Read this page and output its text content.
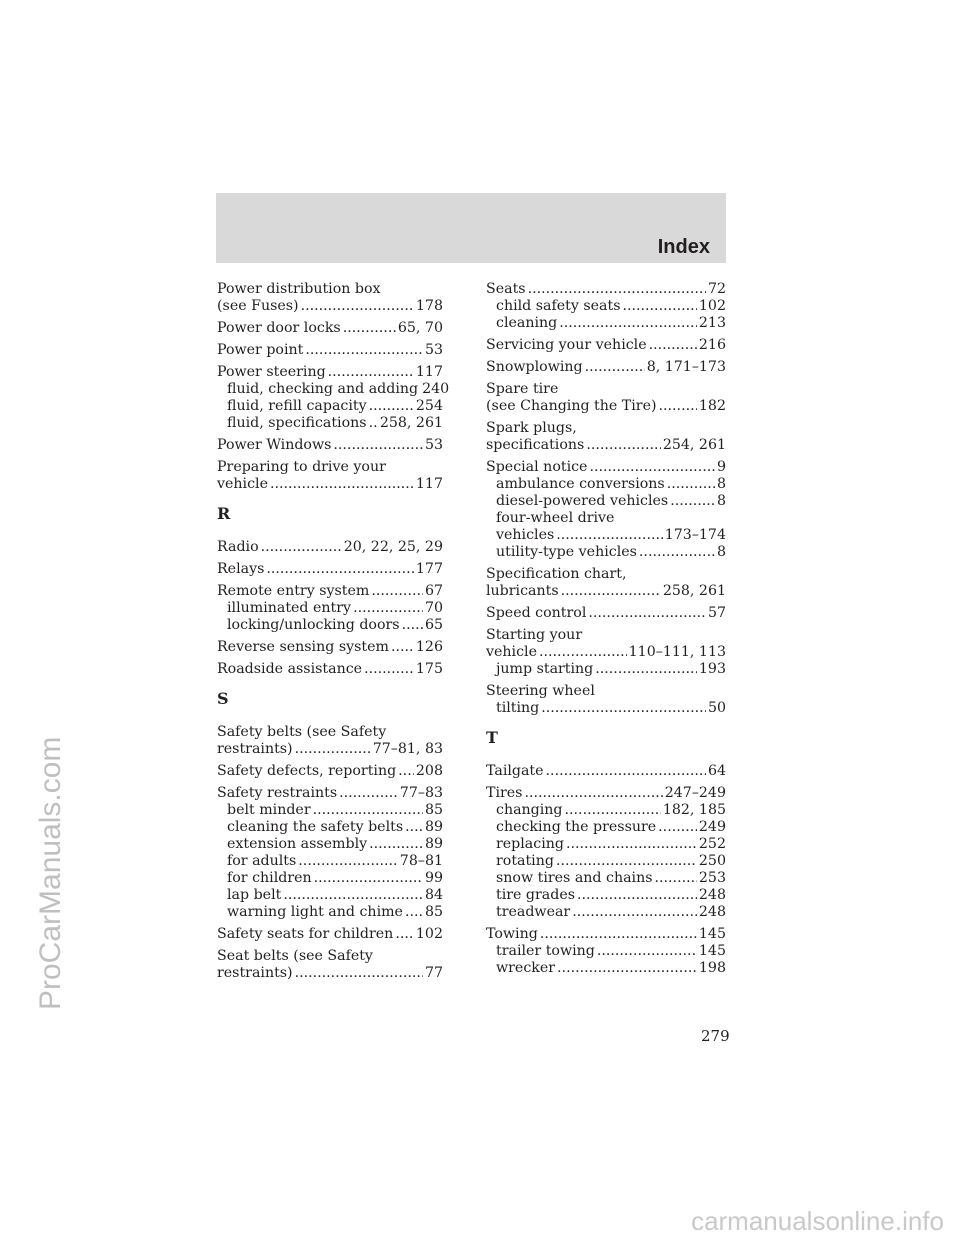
Index
Power distribution box
(see Fuses) .....	178
Power door locks .....	65, 70
Power point .....	53
Power steering .....	117
fluid, checking and adding 240
fluid, refill capacity .....	254
fluid, specifications ..... 258, 261
Power Windows .....	53
Preparing to drive your
vehicle .....	117
R
Radio .....	20, 22, 25, 29
Relays .....	177
Remote entry system .....	67
illuminated entry .....	70
locking/unlocking doors ..... 65
Reverse sensing system ..... 126
Roadside assistance .....	175
S
Safety belts (see Safety
restraints) .....	77–81, 83
Safety defects, reporting ..... 208
Safety restraints .....	77–83
belt minder .....	85
cleaning the safety belts ..... 89
extension assembly .....	89
for adults .....	78–81
for children .....	99
lap belt .....	84
warning light and chime ..... 85
Safety seats for children ..... 102
Seat belts (see Safety
restraints) .....	77
Seats .....	72
child safety seats .....	102
cleaning .....	213
Servicing your vehicle .....	216
Snowplowing .....	8, 171–173
Spare tire
(see Changing the Tire) .....	182
Spark plugs,
specifications .....	254, 261
Special notice .....	9
ambulance conversions .....	8
diesel-powered vehicles .....	8
four-wheel drive
vehicles .....	173–174
utility-type vehicles .....	8
Specification chart,
lubricants .....	258, 261
Speed control .....	57
Starting your
vehicle .....	110–111, 113
jump starting .....	193
Steering wheel
tilting .....	50
T
Tailgate .....	64
Tires .....	247–249
changing .....	182, 185
checking the pressure .....	249
replacing .....	252
rotating .....	250
snow tires and chains .....	253
tire grades .....	248
treadwear .....	248
Towing .....	145
trailer towing .....	145
wrecker .....	198
279
ProCarManuals.com
carmanualsonline.info
